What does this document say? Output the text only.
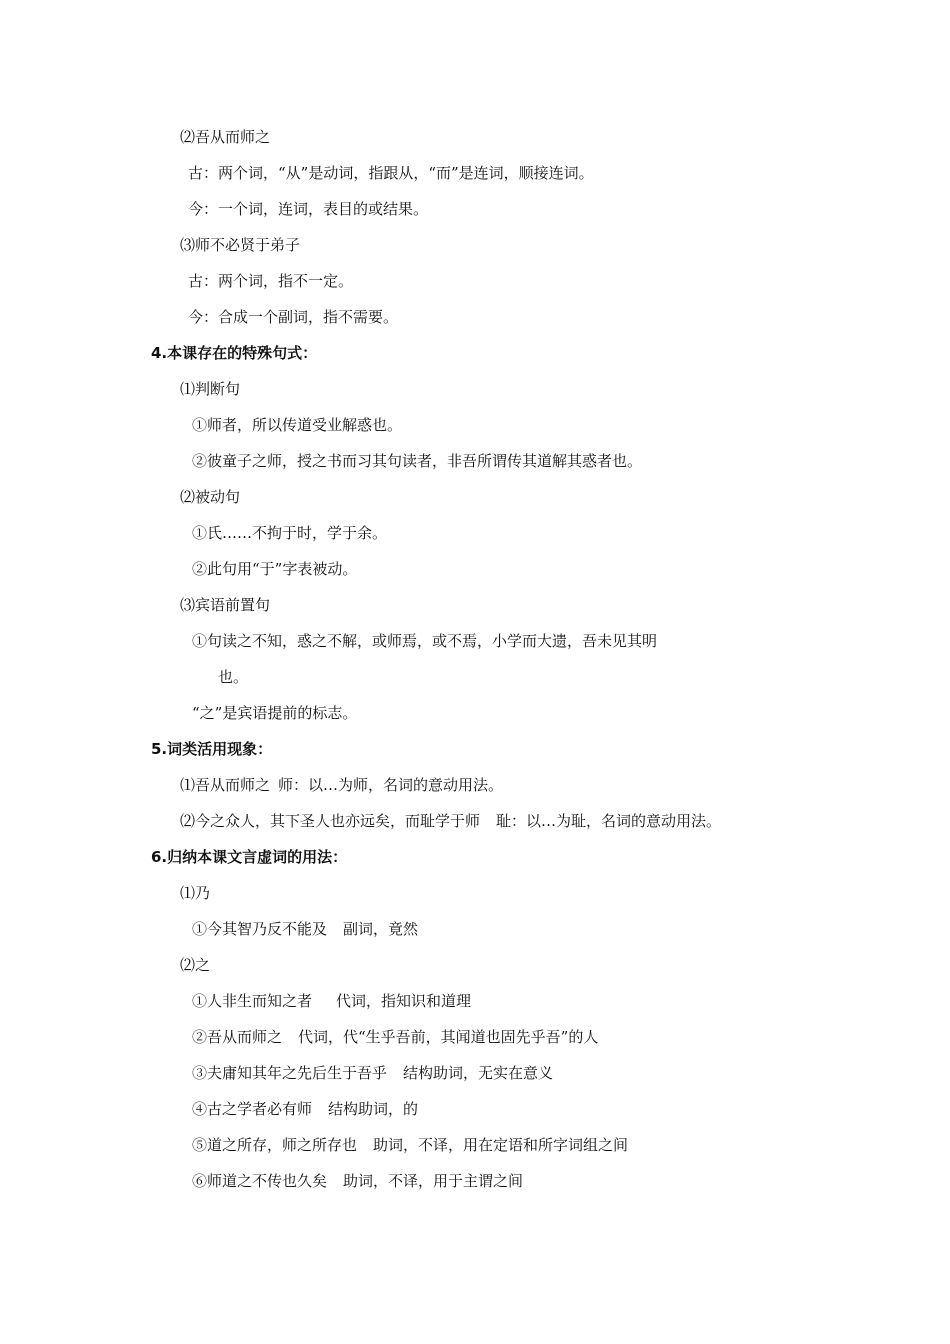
⑵吾从而师之
古：两个词，“从”是动词，指跟从，“而”是连词，顺接连词。
今：一个词，连词，表目的或结果。
⑶师不必贤于弟子
古：两个词，指不一定。
今：合成一个副词，指不需要。
4.本课存在的特殊句式：
⑴判断句
①师者，所以传道受业解惑也。
②彼童子之师，授之书而习其句读者，非吾所谓传其道解其惑者也。
⑵被动句
①氏……不拘于时，学于余。
②此句用“于”字表被动。
⑶宾语前置句
①句读之不知，惑之不解，或师焉，或不焉，小学而大遗，吾未见其明
也。
“之”是宾语提前的标志。
5.词类活用现象：
⑴吾从而师之 师：以…为师，名词的意动用法。
⑵今之众人，其下圣人也亦远矣，而耻学于师 耻：以…为耻，名词的意动用法。
6.归纳本课文言虚词的用法：
⑴乃
①今其智乃反不能及 副词，竟然
⑵之
①人非生而知之者 代词，指知识和道理
②吾从而师之 代词，代“生乎吾前，其闻道也固先乎吾”的人
③夫庸知其年之先后生于吾乎 结构助词，无实在意义
④古之学者必有师 结构助词，的
⑤道之所存，师之所存也 助词，不译，用在定语和所字词组之间
⑥师道之不传也久矣 助词，不译，用于主谓之间
